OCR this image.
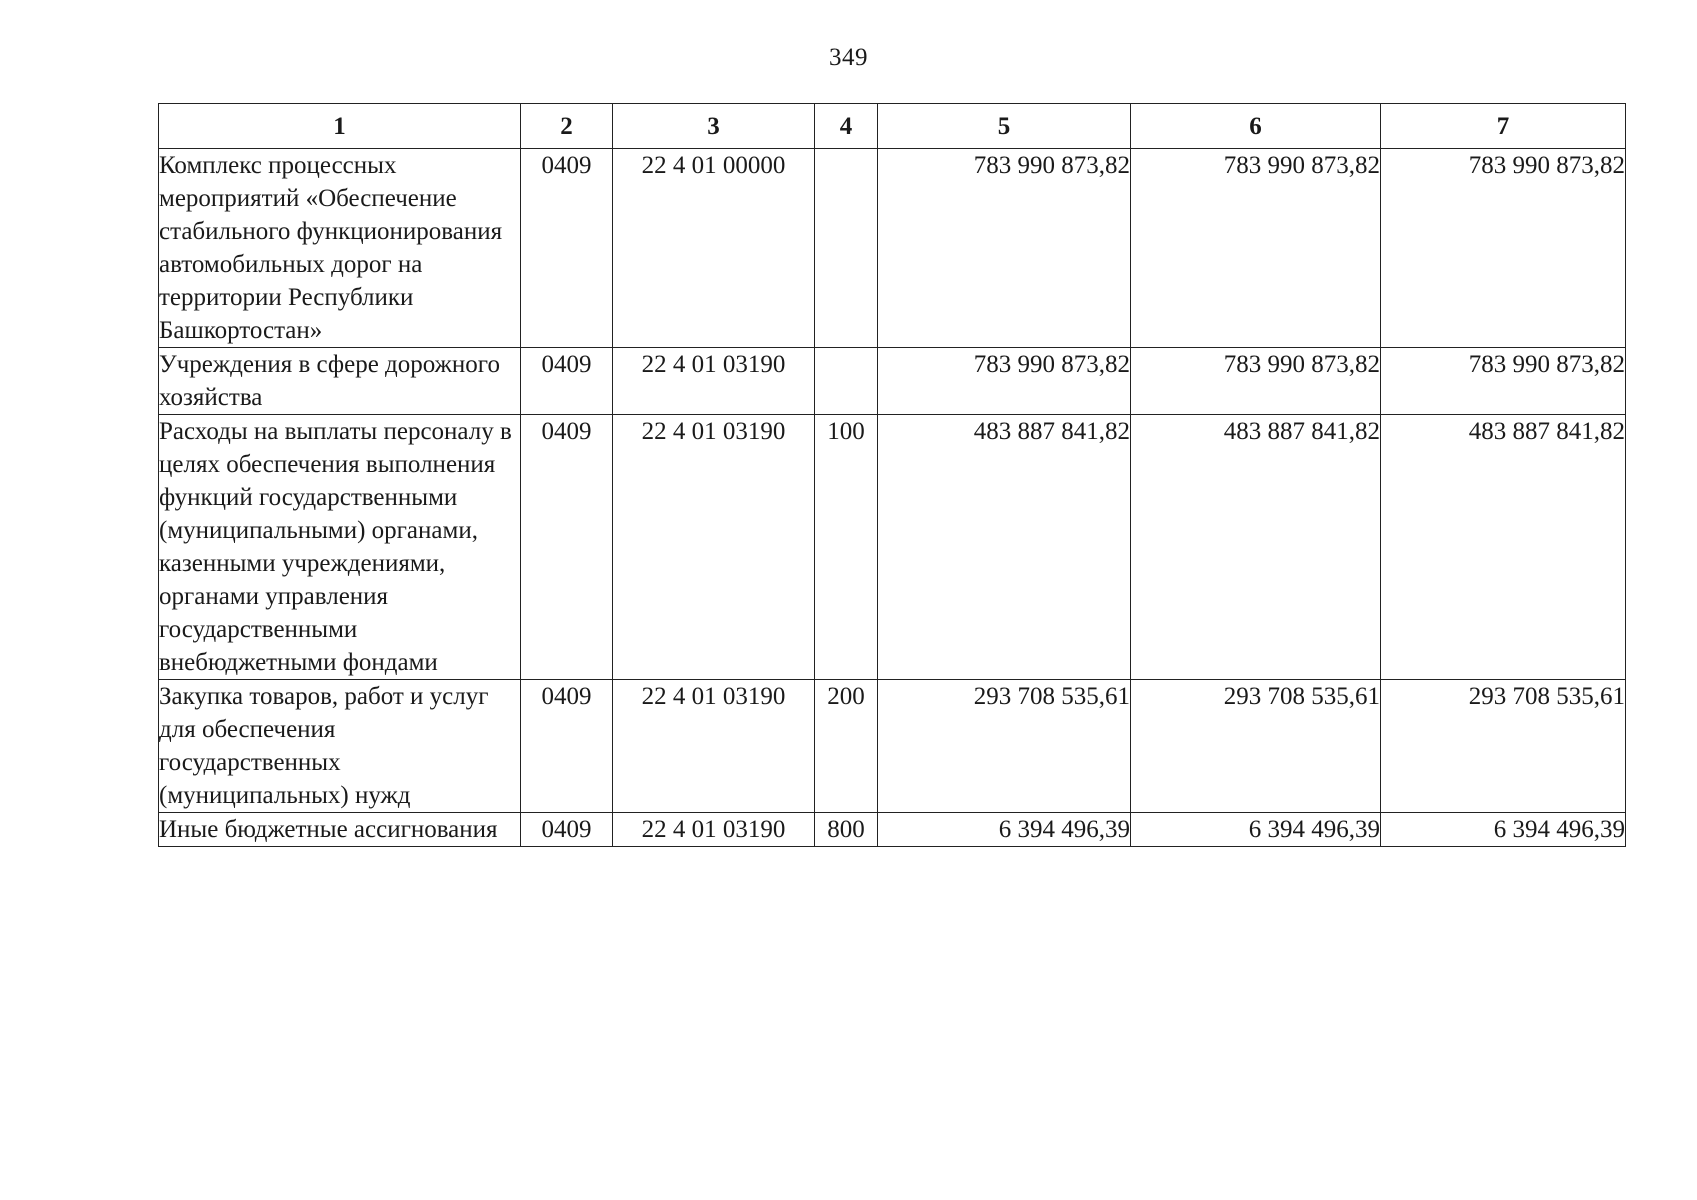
349
1	2	3	4	5	6	7
Комплекс процессных мероприятий «Обеспечение стабильного функционирования автомобильных дорог на территории Республики Башкортостан»	0409	22 4 01 00000		783 990 873,82	783 990 873,82	783 990 873,82
Учреждения в сфере дорожного хозяйства	0409	22 4 01 03190		783 990 873,82	783 990 873,82	783 990 873,82
Расходы на выплаты персоналу в целях обеспечения выполнения функций государственными (муниципальными) органами, казенными учреждениями, органами управления государственными внебюджетными фондами	0409	22 4 01 03190	100	483 887 841,82	483 887 841,82	483 887 841,82
Закупка товаров, работ и услуг для обеспечения государственных (муниципальных) нужд	0409	22 4 01 03190	200	293 708 535,61	293 708 535,61	293 708 535,61
Иные бюджетные ассигнования	0409	22 4 01 03190	800	6 394 496,39	6 394 496,39	6 394 496,39
